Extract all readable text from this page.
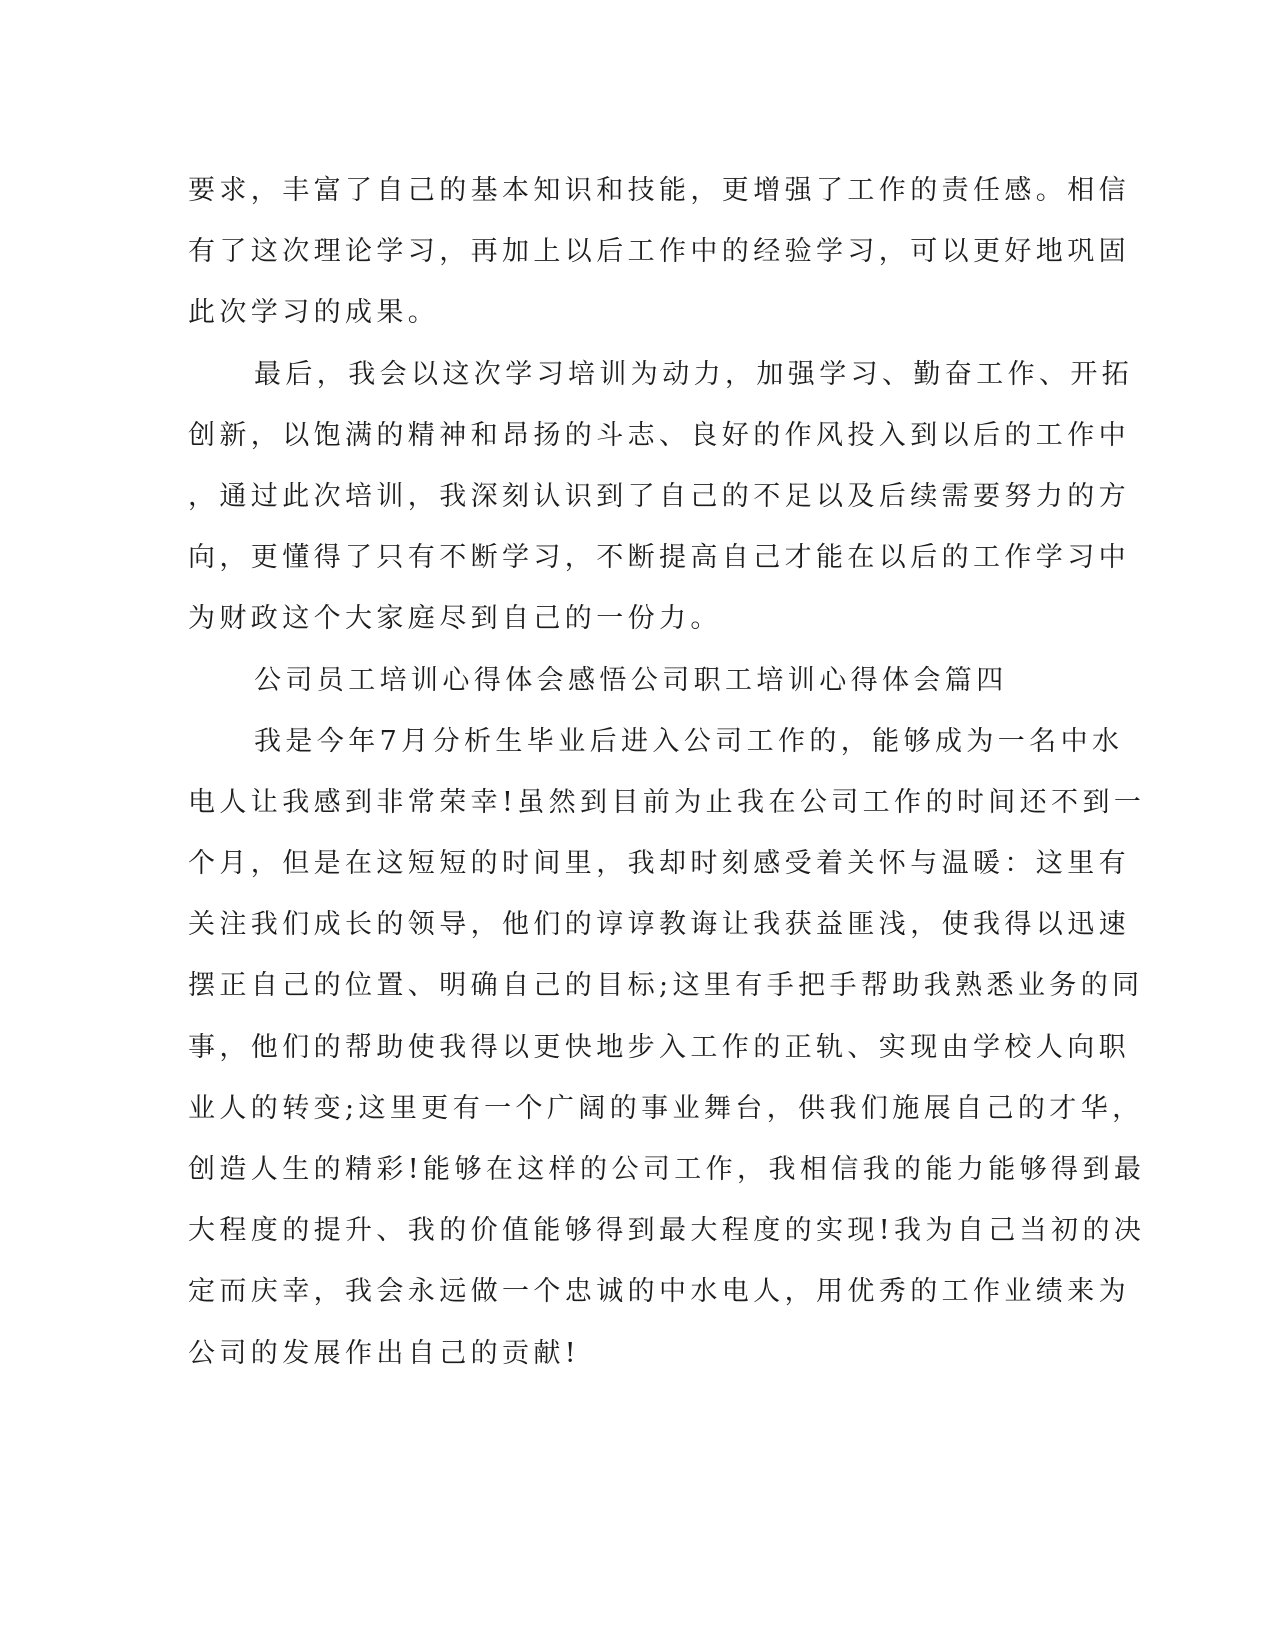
要求，丰富了自己的基本知识和技能，更增强了工作的责任感。相信
有了这次理论学习，再加上以后工作中的经验学习，可以更好地巩固
此次学习的成果。
最后，我会以这次学习培训为动力，加强学习、勤奋工作、开拓
创新，以饱满的精神和昂扬的斗志、良好的作风投入到以后的工作中
，通过此次培训，我深刻认识到了自己的不足以及后续需要努力的方
向，更懂得了只有不断学习，不断提高自己才能在以后的工作学习中
为财政这个大家庭尽到自己的一份力。
公司员工培训心得体会感悟公司职工培训心得体会篇四
我是今年7月分析生毕业后进入公司工作的，能够成为一名中水
电人让我感到非常荣幸!虽然到目前为止我在公司工作的时间还不到一
个月，但是在这短短的时间里，我却时刻感受着关怀与温暖：这里有
关注我们成长的领导，他们的谆谆教诲让我获益匪浅，使我得以迅速
摆正自己的位置、明确自己的目标;这里有手把手帮助我熟悉业务的同
事，他们的帮助使我得以更快地步入工作的正轨、实现由学校人向职
业人的转变;这里更有一个广阔的事业舞台，供我们施展自己的才华，
创造人生的精彩!能够在这样的公司工作，我相信我的能力能够得到最
大程度的提升、我的价值能够得到最大程度的实现!我为自己当初的决
定而庆幸，我会永远做一个忠诚的中水电人，用优秀的工作业绩来为
公司的发展作出自己的贡献!
